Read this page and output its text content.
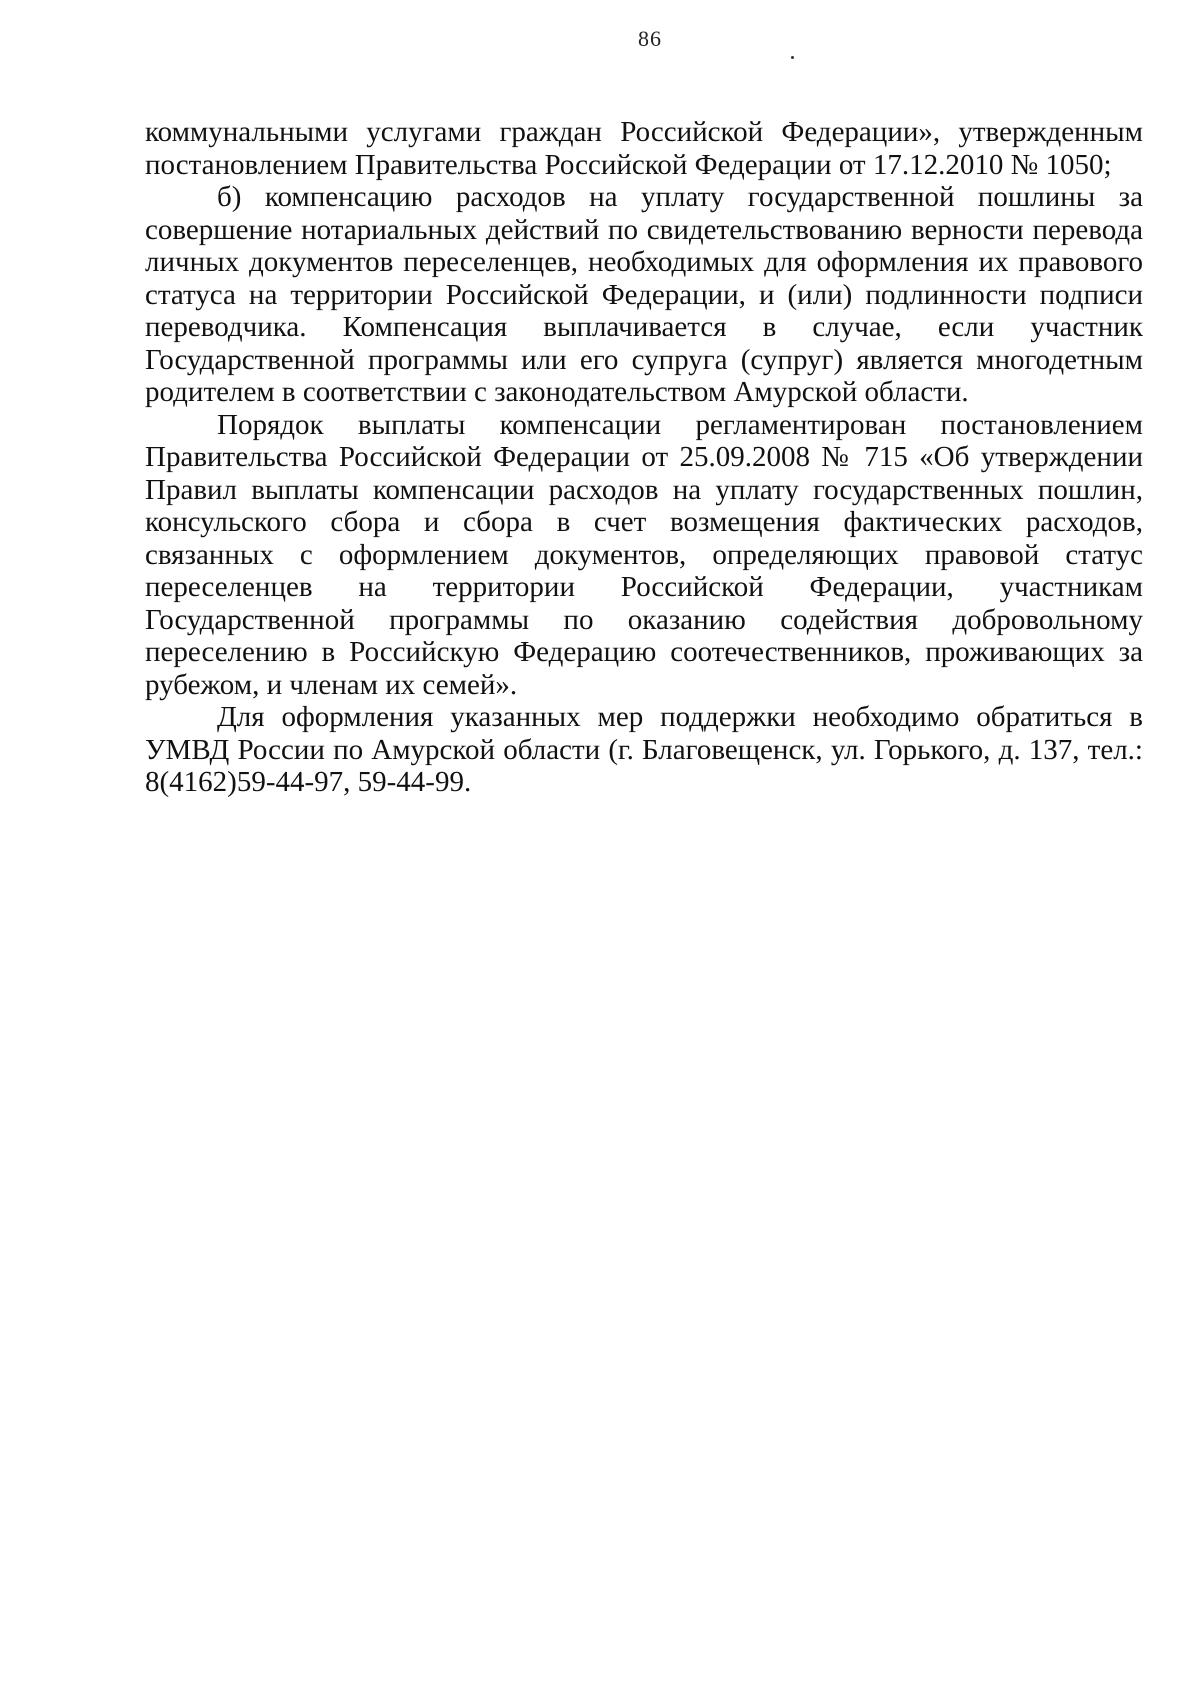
86

коммунальными услугами граждан Российской Федерации», утвержденным постановлением Правительства Российской Федерации от 17.12.2010 № 1050;

б) компенсацию расходов на уплату государственной пошлины за совершение нотариальных действий по свидетельствованию верности перевода личных документов переселенцев, необходимых для оформления их правового статуса на территории Российской Федерации, и (или) подлинности подписи переводчика. Компенсация выплачивается в случае, если участник Государственной программы или его супруга (супруг) является многодетным родителем в соответствии с законодательством Амурской области.

Порядок выплаты компенсации регламентирован постановлением Правительства Российской Федерации от 25.09.2008 № 715 «Об утверждении Правил выплаты компенсации расходов на уплату государственных пошлин, консульского сбора и сбора в счет возмещения фактических расходов, связанных с оформлением документов, определяющих правовой статус переселенцев на территории Российской Федерации, участникам Государственной программы по оказанию содействия добровольному переселению в Российскую Федерацию соотечественников, проживающих за рубежом, и членам их семей».

Для оформления указанных мер поддержки необходимо обратиться в УМВД России по Амурской области (г. Благовещенск, ул. Горького, д. 137, тел.: 8(4162)59-44-97, 59-44-99.
